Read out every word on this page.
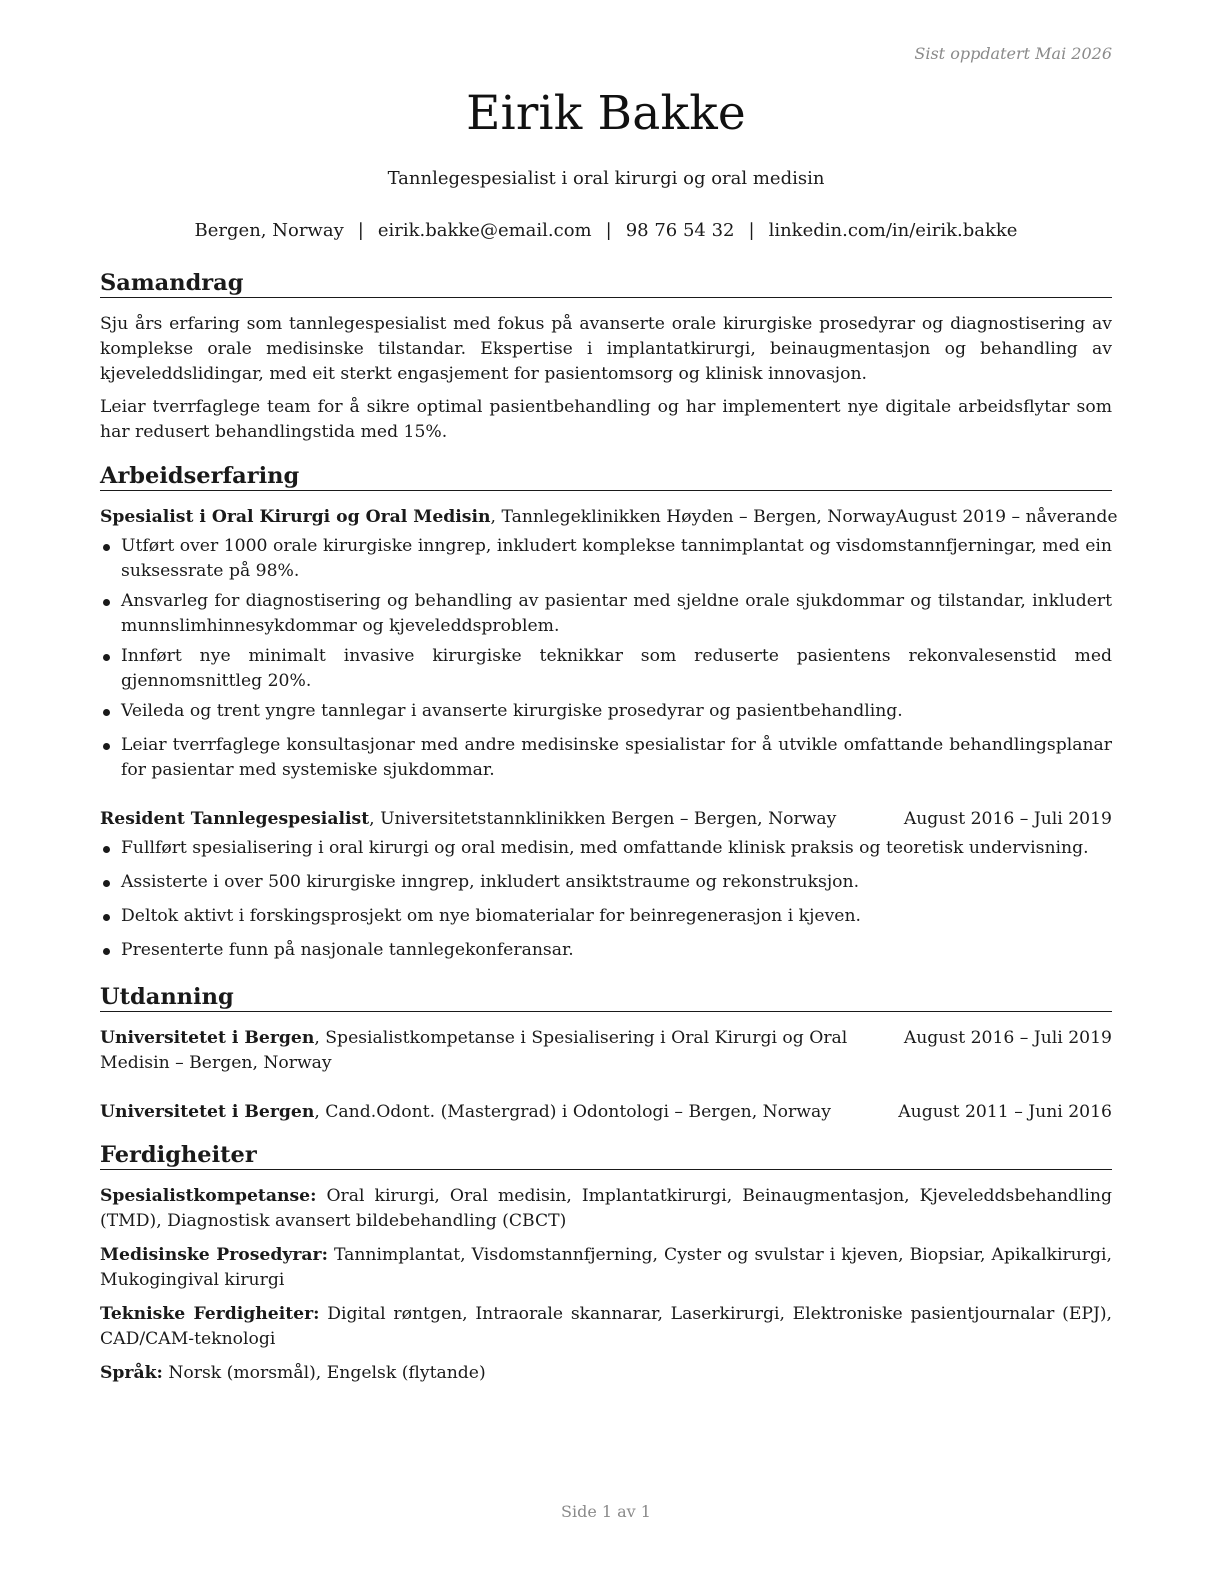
Sist oppdatert Mai 2026
Eirik Bakke
Tannlegespesialist i oral kirurgi og oral medisin
Bergen, Norway | eirik.bakke@email.com | 98 76 54 32 | linkedin.com/in/eirik.bakke
Samandrag

Sju års erfaring som tannlegespesialist med fokus på avanserte orale kirurgiske prosedyrar og diagnostisering av komplekse orale medisinske tilstandar. Ekspertise i implantatkirurgi, beinaugmentasjon og behandling av kjeveleddslidingar, med eit sterkt engasjement for pasientomsorg og klinisk innovasjon.

Leiar tverrfaglege team for å sikre optimal pasientbehandling og har implementert nye digitale arbeidsflytar som har redusert behandlingstida med 15%.

Arbeidserfaring
Spesialist i Oral Kirurgi og Oral Medisin, Tannlegeklinikken Høyden – Bergen, Norway August 2019 – nåverande
Utført over 1000 orale kirurgiske inngrep, inkludert komplekse tannimplantat og visdomstannfjerningar, med ein suksessrate på 98%.
Ansvarleg for diagnostisering og behandling av pasientar med sjeldne orale sjukdommar og tilstandar, inkludert munnslimhinnesykdommar og kjeveleddsproblem.
Innført nye minimalt invasive kirurgiske teknikkar som reduserte pasientens rekonvalesenstid med gjennomsnittleg 20%.
Veileda og trent yngre tannlegar i avanserte kirurgiske prosedyrar og pasientbehandling.
Leiar tverrfaglege konsultasjonar med andre medisinske spesialistar for å utvikle omfattande behandlingsplanar for pasientar med systemiske sjukdommar.
Resident Tannlegespesialist, Universitetstannklinikken Bergen – Bergen, Norway	August 2016 – Juli 2019
Fullført spesialisering i oral kirurgi og oral medisin, med omfattande klinisk praksis og teoretisk undervisning.
Assisterte i over 500 kirurgiske inngrep, inkludert ansiktstraume og rekonstruksjon.
Deltok aktivt i forskingsprosjekt om nye biomaterialar for beinregenerasjon i kjeven.
Presenterte funn på nasjonale tannlegekonferansar.
Utdanning
Universitetet i Bergen, Spesialistkompetanse i Spesialisering i Oral Kirurgi og Oral Medisin – Bergen, Norway
August 2016 – Juli 2019
Universitetet i Bergen, Cand.Odont. (Mastergrad) i Odontologi – Bergen, Norway	August 2011 – Juni 2016
Ferdigheiter

Spesialistkompetanse: Oral kirurgi, Oral medisin, Implantatkirurgi, Beinaugmentasjon, Kjeveleddsbehandling (TMD), Diagnostisk avansert bildebehandling (CBCT)

Medisinske Prosedyrar: Tannimplantat, Visdomstannfjerning, Cyster og svulstar i kjeven, Biopsiar, Apikalkirurgi, Mukogingival kirurgi

Tekniske Ferdigheiter: Digital røntgen, Intraorale skannarar, Laserkirurgi, Elektroniske pasientjournalar (EPJ), CAD/​CAM-teknologi

Språk: Norsk (morsmål), Engelsk (flytande)

Side 1 av 1
